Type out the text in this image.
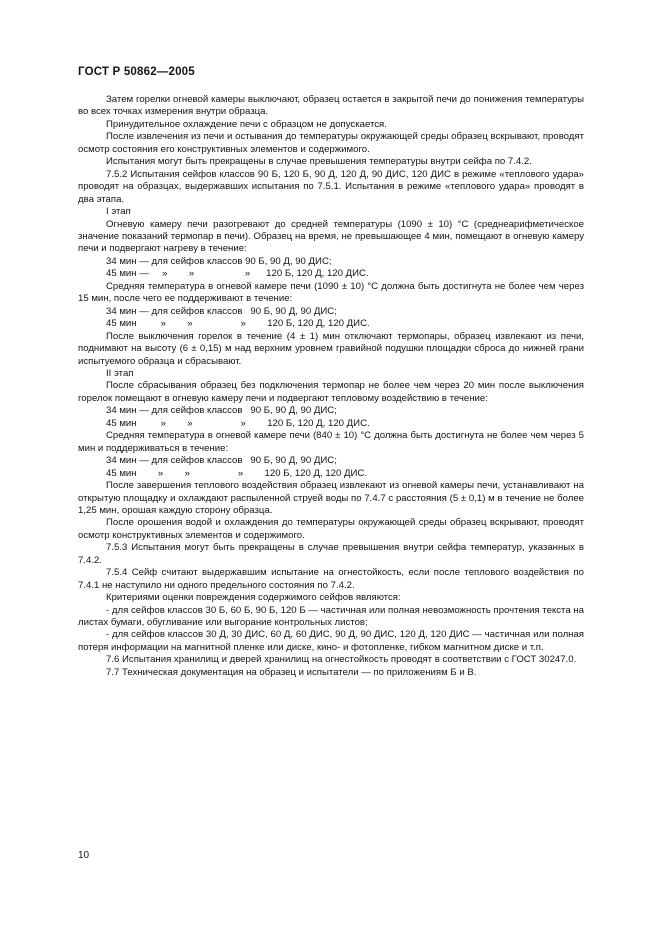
ГОСТ Р 50862—2005

Затем горелки огневой камеры выключают, образец остается в закрытой печи до понижения температуры во всех точках измерения внутри образца.

Принудительное охлаждение печи с образцом не допускается.

После извлечения из печи и остывания до температуры окружающей среды образец вскрывают, проводят осмотр состояния его конструктивных элементов и содержимого.

Испытания могут быть прекращены в случае превышения температуры внутри сейфа по 7.4.2.

7.5.2 Испытания сейфов классов 90 Б, 120 Б, 90 Д, 120 Д, 90 ДИС, 120 ДИС в режиме «теплового удара» проводят на образцах, выдержавших испытания по 7.5.1. Испытания в режиме «теплового удара» проводят в два этапа.

I этап

Огневую камеру печи разогревают до средней температуры (1090 ± 10) °С (среднеарифметическое значение показаний термопар в печи). Образец на время, не превышающее 4 мин, помещают в огневую камеру печи и подвергают нагреву в течение:

34 мин — для сейфов классов 90 Б, 90 Д, 90 ДИС;

45 мин —     »        »                   »      120 Б, 120 Д, 120 ДИС.

Средняя температура в огневой камере печи (1090 ± 10) °С должна быть достигнута не более чем через 15 мин, после чего ее поддерживают в течение:

34 мин — для сейфов классов   90 Б, 90 Д, 90 ДИС;

45 мин         »        »                  »        120 Б, 120 Д, 120 ДИС.

После выключения горелок в течение (4 ± 1) мин отключают термопары, образец извлекают из печи, поднимают на высоту (6 ± 0,15) м над верхним уровнем гравийной подушки площадки сброса до нижней грани испытуемого образца и сбрасывают.

II этап

После сбрасывания образец без подключения термопар не более чем через 20 мин после выключения горелок помещают в огневую камеру печи и подвергают тепловому воздействию в течение:

34 мин — для сейфов классов   90 Б, 90 Д, 90 ДИС;

45 мин         »        »                  »        120 Б, 120 Д, 120 ДИС.

Средняя температура в огневой камере печи (840 ± 10) °С должна быть достигнута не более чем через 5 мин и поддерживаться в течение:

34 мин — для сейфов классов   90 Б, 90 Д, 90 ДИС;

45 мин        »        »                  »        120 Б, 120 Д, 120 ДИС.

После завершения теплового воздействия образец извлекают из огневой камеры печи, устанавливают на открытую площадку и охлаждают распыленной струей воды по 7.4.7 с расстояния (5 ± 0,1) м в течение не более 1,25 мин, орошая каждую сторону образца.

После орошения водой и охлаждения до температуры окружающей среды образец вскрывают, проводят осмотр конструктивных элементов и содержимого.

7.5.3 Испытания могут быть прекращены в случае превышения внутри сейфа температур, указанных в 7.4.2.

7.5.4 Сейф считают выдержавшим испытание на огнестойкость, если после теплового воздействия по 7.4.1 не наступило ни одного предельного состояния по 7.4.2.

Критериями оценки повреждения содержимого сейфов являются:

- для сейфов классов 30 Б, 60 Б, 90 Б, 120 Б — частичная или полная невозможность прочтения текста на листах бумаги, обугливание или выгорание контрольных листов;

- для сейфов классов 30 Д, 30 ДИС, 60 Д, 60 ДИС, 90 Д, 90 ДИС, 120 Д, 120 ДИС — частичная или полная потеря информации на магнитной пленке или диске, кино- и фотопленке, гибком магнитном диске и т.п.

7.6 Испытания хранилищ и дверей хранилищ на огнестойкость проводят в соответствии с ГОСТ 30247.0.

7.7 Техническая документация на образец и испытатели — по приложениям Б и В.

10
